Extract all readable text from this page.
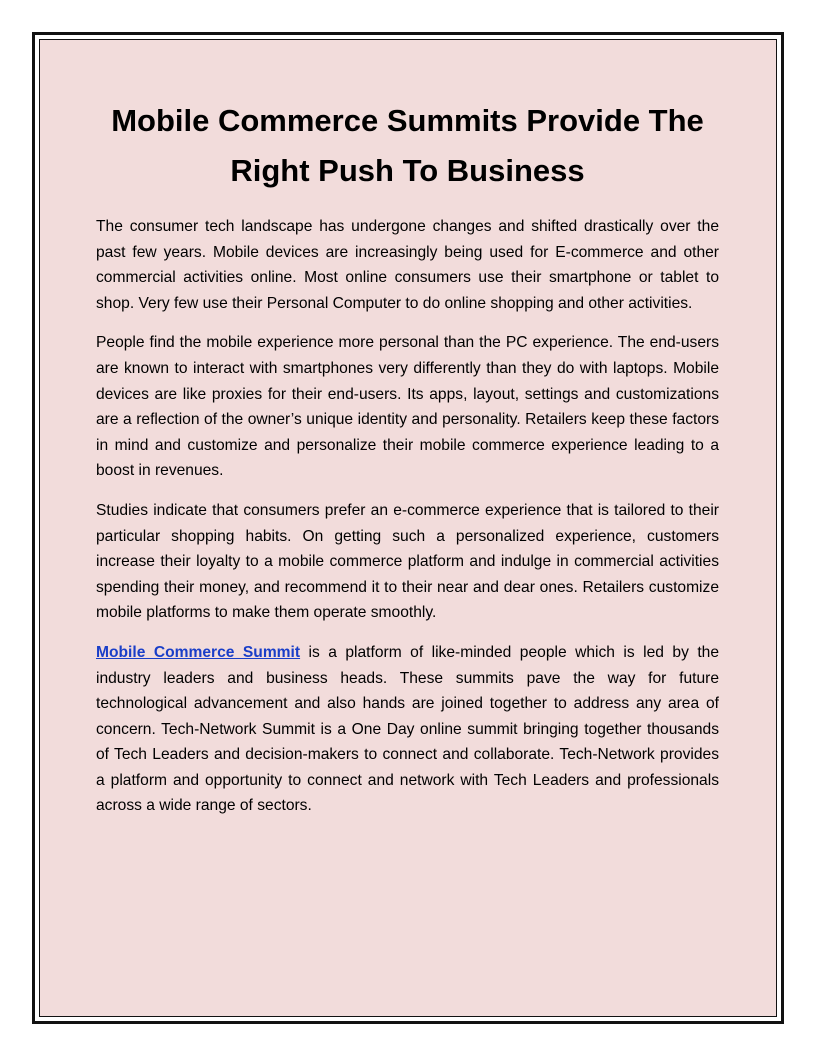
Mobile Commerce Summits Provide The
Right Push To Business

The consumer tech landscape has undergone changes and shifted drastically over the past few years. Mobile devices are increasingly being used for E-commerce and other commercial activities online. Most online consumers use their smartphone or tablet to shop. Very few use their Personal Computer to do online shopping and other activities.

People find the mobile experience more personal than the PC experience. The end-users are known to interact with smartphones very differently than they do with laptops. Mobile devices are like proxies for their end-users. Its apps, layout, settings and customizations are a reflection of the owner’s unique identity and personality. Retailers keep these factors in mind and customize and personalize their mobile commerce experience leading to a boost in revenues.

Studies indicate that consumers prefer an e-commerce experience that is tailored to their particular shopping habits. On getting such a personalized experience, customers increase their loyalty to a mobile commerce platform and indulge in commercial activities spending their money, and recommend it to their near and dear ones. Retailers customize mobile platforms to make them operate smoothly.

Mobile Commerce Summit is a platform of like-minded people which is led by the industry leaders and business heads. These summits pave the way for future technological advancement and also hands are joined together to address any area of concern. Tech-Network Summit is a One Day online summit bringing together thousands of Tech Leaders and decision-makers to connect and collaborate. Tech-Network provides a platform and opportunity to connect and network with Tech Leaders and professionals across a wide range of sectors.
